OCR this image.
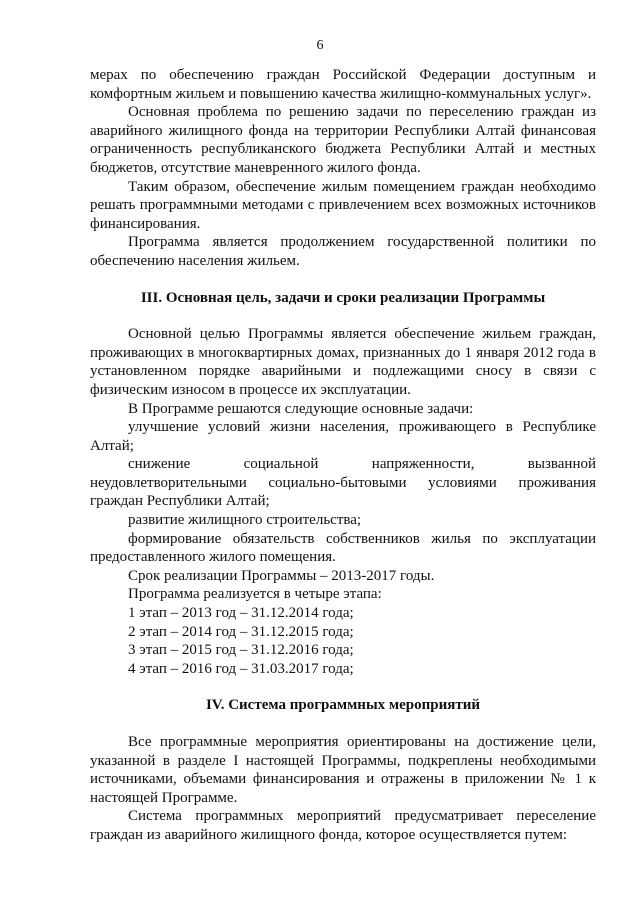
6

мерах по обеспечению граждан Российской Федерации доступным и комфортным жильем и повышению качества жилищно-коммунальных услуг».

Основная проблема по решению задачи по переселению граждан из аварийного жилищного фонда на территории Республики Алтай финансовая ограниченность республиканского бюджета Республики Алтай и местных бюджетов, отсутствие маневренного жилого фонда.

Таким образом, обеспечение жилым помещением граждан необходимо решать программными методами с привлечением всех возможных источников финансирования.

Программа является продолжением государственной политики по обеспечению населения жильем.

III. Основная цель, задачи и сроки реализации Программы

Основной целью Программы является обеспечение жильем граждан, проживающих в многоквартирных домах, признанных до 1 января 2012 года в установленном порядке аварийными и подлежащими сносу в связи с физическим износом в процессе их эксплуатации.

В Программе решаются следующие основные задачи:

улучшение условий жизни населения, проживающего в Республике Алтай;

снижение социальной напряженности, вызванной неудовлетворительными социально-бытовыми условиями проживания граждан Республики Алтай;

развитие жилищного строительства;

формирование обязательств собственников жилья по эксплуатации предоставленного жилого помещения.

Срок реализации Программы – 2013-2017 годы.

Программа реализуется в четыре этапа:

1 этап – 2013 год – 31.12.2014 года;

2 этап – 2014 год – 31.12.2015 года;

3 этап – 2015 год – 31.12.2016 года;

4 этап – 2016 год – 31.03.2017 года;

IV. Система программных мероприятий

Все программные мероприятия ориентированы на достижение цели, указанной в разделе I настоящей Программы, подкреплены необходимыми источниками, объемами финансирования и отражены в приложении № 1 к настоящей Программе.

Система программных мероприятий предусматривает переселение граждан из аварийного жилищного фонда, которое осуществляется путем:
